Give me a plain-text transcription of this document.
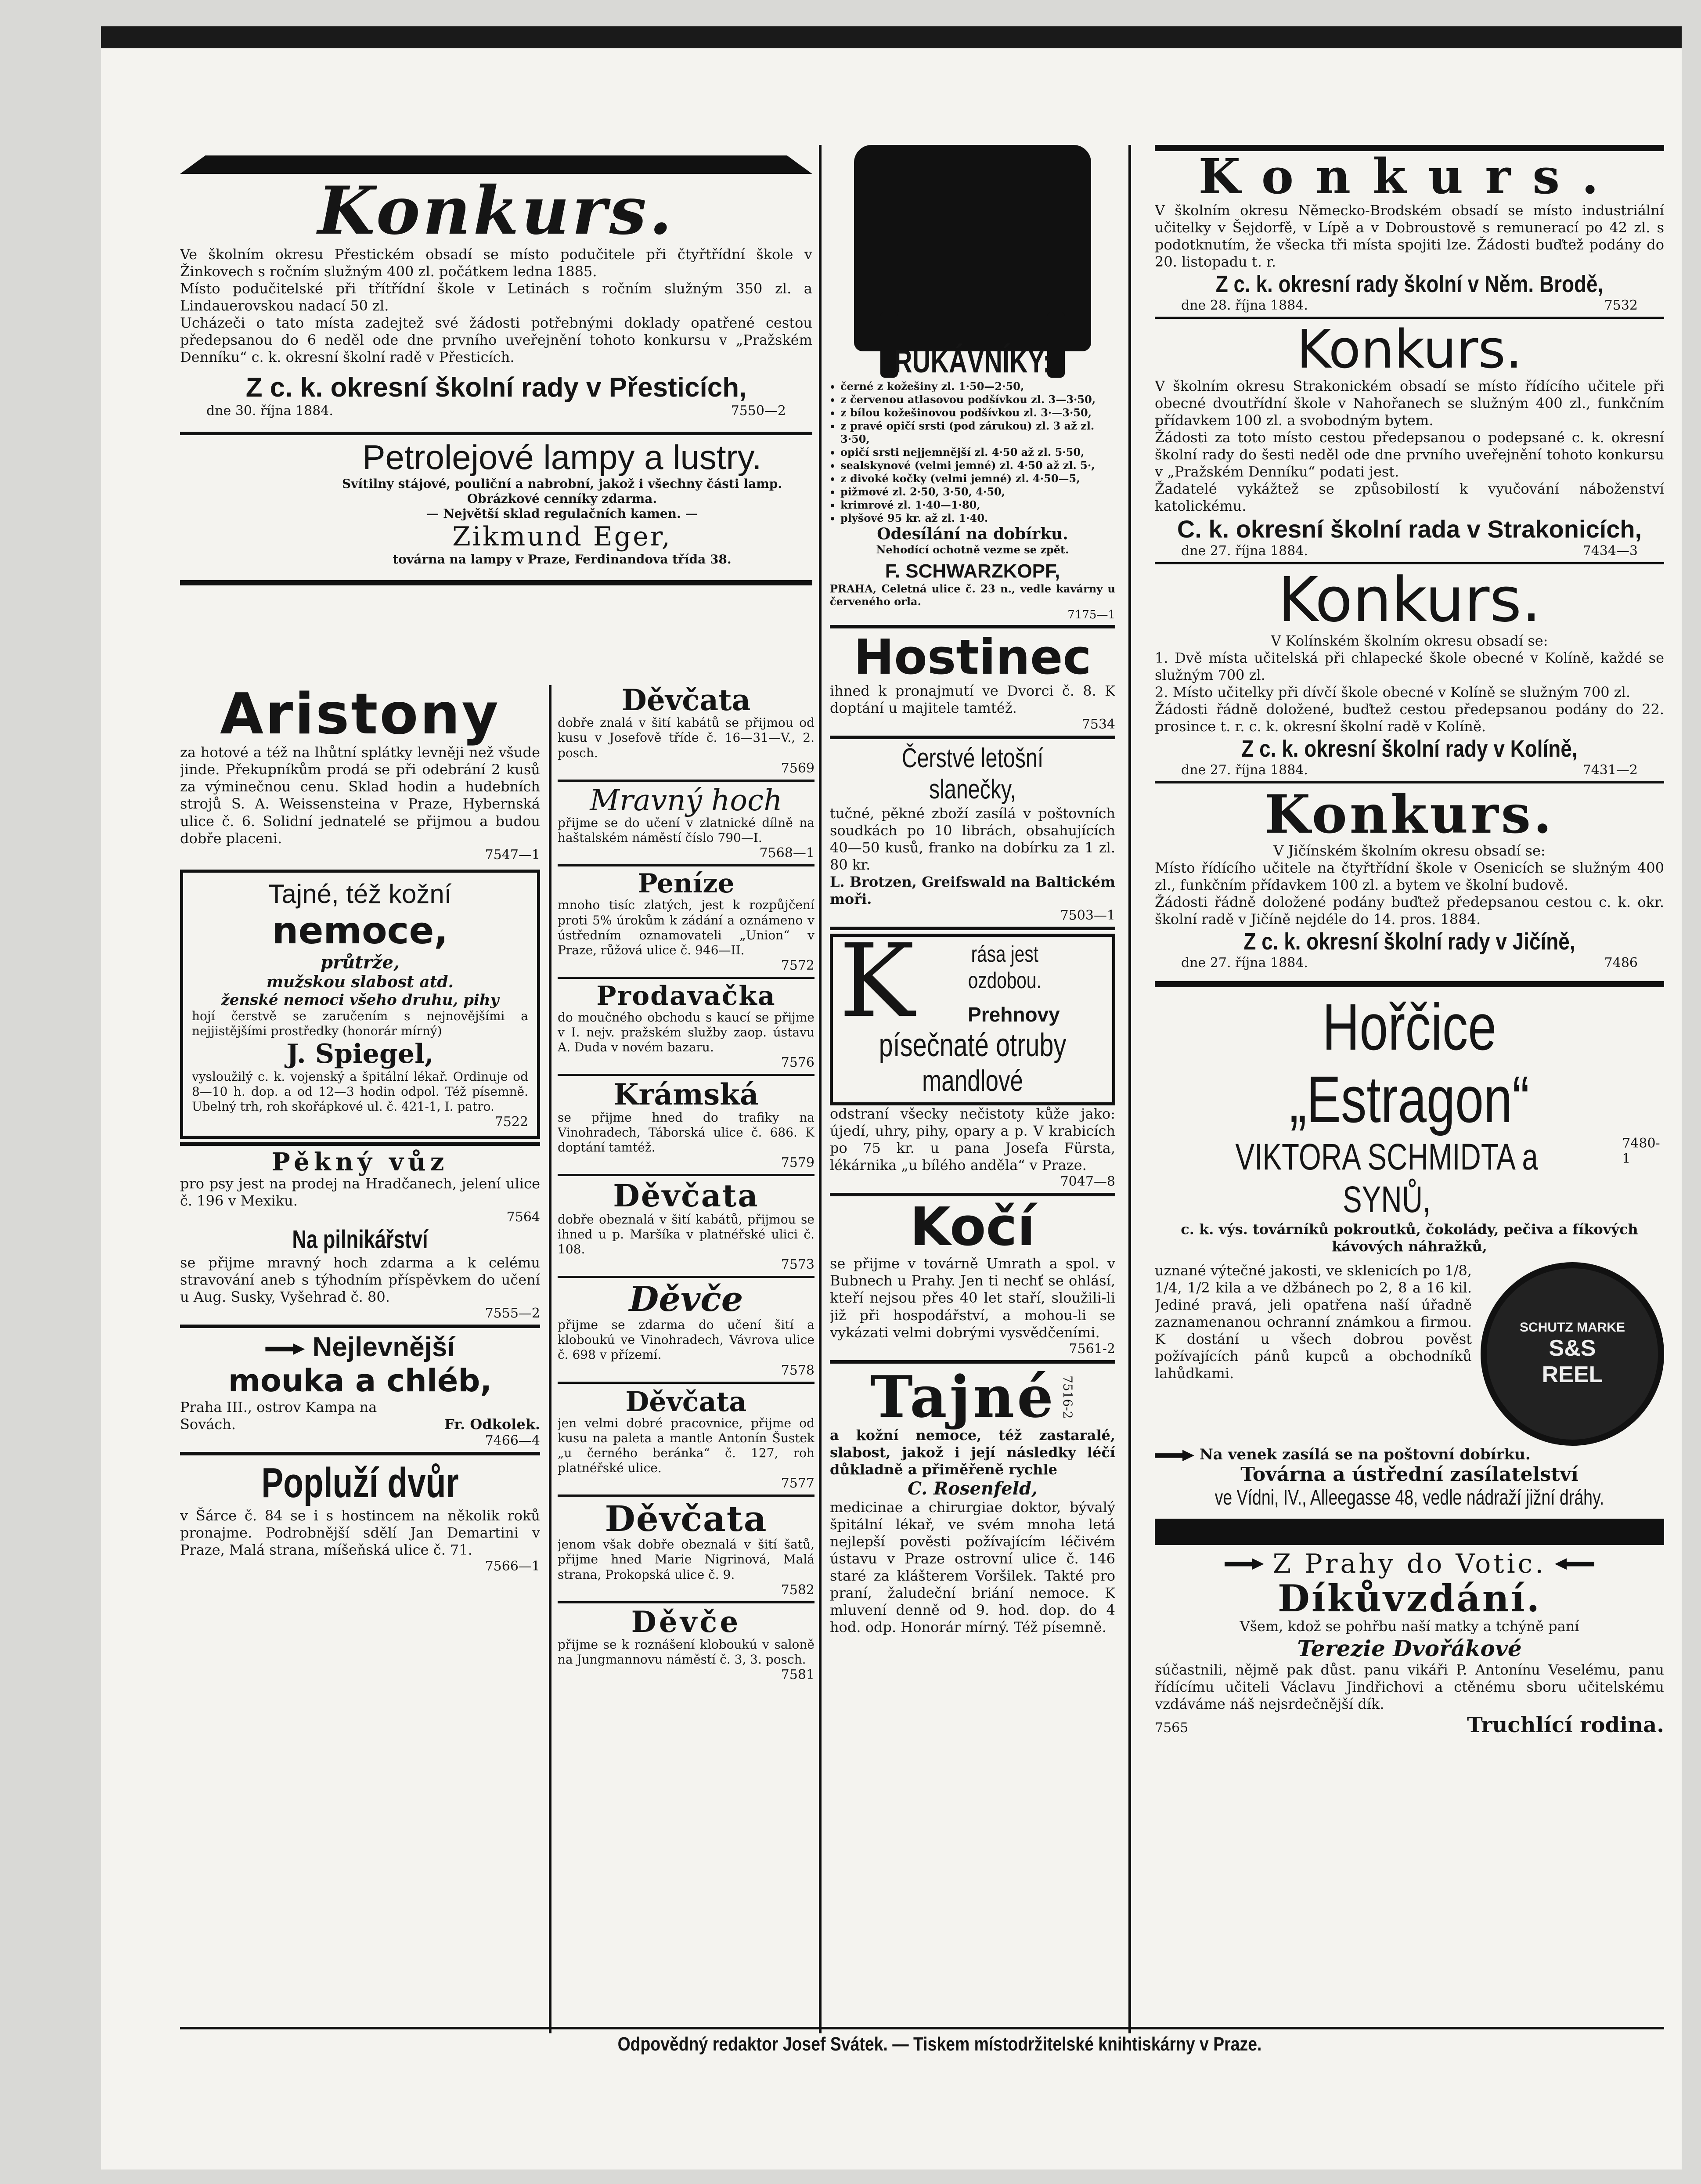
Konkurs.

Ve školním okresu Přestickém obsadí se místo podučitele při čtyřtřídní škole v Žinkovech s ročním služným 400 zl. počátkem ledna 1885.

Místo podučitelské při třítřídní škole v Letinách s ročním služným 350 zl. a Lindauerovskou nadací 50 zl.

Ucházeči o tato místa zadejtež své žádosti potřebnými doklady opatřené cestou předepsanou do 6 neděl ode dne prvního uveřejnění tohoto konkursu v „Pražském Denníku“ c. k. okresní školní radě v Přesticích.

Z c. k. okresní školní rady v Přesticích,
dne 30. října 1884.	7550—2
Petrolejové lampy a lustry.

Svítilny stájové, pouliční a nabrobní, jakož i všechny části lamp. Obrázkové cenníky zdarma.

— Největší sklad regulačních kamen. —

Zikmund Eger,

továrna na lampy v Praze, Ferdinandova třída 38.

Aristony

za hotové a též na lhůtní splátky levněji než všude jinde. Překupníkům prodá se při odebrání 2 kusů za výminečnou cenu. Sklad hodin a hudebních strojů S. A. Weissensteina v Praze, Hybernská ulice č. 6. Solidní jednatelé se přijmou a budou dobře placeni.

7547—1
Tajné, též kožní
nemoce,
průtrže,
mužskou slabost atd.
ženské nemoci všeho druhu, pihy

hojí čerstvě se zaručením s nejnovějšími a nejjistějšími prostředky (honorár mírný)

J. Spiegel,

vysloužilý c. k. vojenský a špitální lékař. Ordinuje od 8—10 h. dop. a od 12—3 hodin odpol. Též písemně. Ubelný trh, roh skořápkové ul. č. 421-1, I. patro.

7522
Pěkný vůz

pro psy jest na prodej na Hradčanech, jelení ulice č. 196 v Mexiku.

7564
Na pilnikářství

se přijme mravný hoch zdarma a k celému stravování aneb s týhodním příspěvkem do učení u Aug. Susky, Vyšehrad č. 80.

7555—2
Nejlevnější
mouka a chléb,

Praha III., ostrov Kampa na Sovách.	Fr. Odkolek.

7466—4
Popluží dvůr

v Šárce č. 84 se i s hostincem na několik roků pronajme. Podrobnější sdělí Jan Demartini v Praze, Malá strana, míšeňská ulice č. 71.

7566—1
Děvčata

dobře znalá v šití kabátů se přijmou od kusu v Josefově tříde č. 16—31—V., 2. posch.

7569
Mravný hoch

přijme se do učení v zlatnické dílně na haštalském náměstí číslo 790—I.

7568—1
Peníze

mnoho tisíc zlatých, jest k rozpůjčení proti 5% úrokům k zádání a oznámeno v ústředním oznamovateli „Union“ v Praze, růžová ulice č. 946—II.

7572
Prodavačka

do moučného obchodu s kaucí se přijme v I. nejv. pražském služby zaop. ústavu A. Duda v novém bazaru.

7576
Krámská

se přijme hned do trafiky na Vinohradech, Táborská ulice č. 686. K doptání tamtéž.

7579
Děvčata

dobře obeznalá v šití kabátů, přijmou se ihned u p. Maršíka v platnéřské ulici č. 108.

7573
Děvče

přijme se zdarma do učení šití a kloboukú ve Vinohradech, Vávrova ulice č. 698 v přízemí.

7578
Děvčata

jen velmi dobré pracovnice, přijme od kusu na paleta a mantle Antonín Šustek „u černého beránka“ č. 127, roh platnéřské ulice.

7577
Děvčata

jenom však dobře obeznalá v šití šatů, přijme hned Marie Nigrinová, Malá strana, Prokopská ulice č. 9.

7582
Děvče

přijme se k roznášení kloboukú v saloně na Jungmannovu náměstí č. 3, 3. posch.

7581
RUKÁVNÍKY:
• černé z kožešiny zl. 1·50—2·50,
• z červenou atlasovou podšívkou zl. 3—3·50,
• z bílou kožešinovou podšívkou zl. 3·—3·50,
• z pravé opičí srsti (pod zárukou) zl. 3 až zl. 3·50,
• opičí srsti nejjemnější zl. 4·50 až zl. 5·50,
• sealskynové (velmi jemné) zl. 4·50 až zl. 5·,
• z divoké kočky (velmi jemné) zl. 4·50—5,
• pižmové zl. 2·50, 3·50, 4·50,
• krimrové zl. 1·40—1·80,
• plyšové 95 kr. až zl. 1·40.
Odesílání na dobírku.
Nehodící ochotně vezme se zpět.
F. SCHWARZKOPF,

PRAHA, Celetná ulice č. 23 n., vedle kavárny u červeného orla.

7175—1
Hostinec

ihned k pronajmutí ve Dvorci č. 8. K doptání u majitele tamtéž.

7534
Čerstvé letošní slanečky,

tučné, pěkné zboží zasílá v poštovních soudkách po 10 librách, obsahujících 40—50 kusů, franko na dobírku za 1 zl. 80 kr.

L. Brotzen, Greifswald na Baltickém moři.

7503—1
K	rása jest ozdobou.
Prehnovy
písečnaté otruby
mandlové

odstraní všecky nečistoty kůže jako: újedí, uhry, pihy, opary a p. V krabicích po 75 kr. u pana Josefa Fürsta, lékárnika „u bílého anděla“ v Praze.

7047—8
Kočí

se přijme v továrně Umrath a spol. v Bubnech u Prahy. Jen ti nechť se ohlásí, kteří nejsou přes 40 let staří, sloužili-li již při hospodářství, a mohou-li se vykázati velmi dobrými vysvědčeními.

7561-2
Tajné 7516-2

a kožní nemoce, též zastaralé, slabost, jakož i její následky léčí důkladně a přiměřeně rychle

C. Rosenfeld,

medicinae a chirurgiae doktor, bývalý špitální lékař, ve svém mnoha letá nejlepší pověsti požívajícím léčivém ústavu v Praze ostrovní ulice č. 146 staré za klášterem Voršilek. Takté pro praní, žaludeční briání nemoce. K mluvení denně od 9. hod. dop. do 4 hod. odp. Honorár mírný. Též písemně.

Konkurs.

V školním okresu Německo-Brodském obsadí se místo industriální učitelky v Šejdorfě, v Lípě a v Dobroustově s remunerací po 42 zl. s podotknutím, že všecka tři místa spojiti lze. Žádosti buďtež podány do 20. listopadu t. r.

Z c. k. okresní rady školní v Něm. Brodě,
dne 28. října 1884.	7532
Konkurs.

V školním okresu Strakonickém obsadí se místo řídícího učitele při obecné dvoutřídní škole v Nahořanech se služným 400 zl., funkčním přídavkem 100 zl. a svobodným bytem.

Žádosti za toto místo cestou předepsanou o podepsané c. k. okresní školní rady do šesti neděl ode dne prvního uveřejnění tohoto konkursu v „Pražském Denníku“ podati jest.

Žadatelé vykážtež se způsobilostí k vyučování náboženství katolickému.

C. k. okresní školní rada v Strakonicích,
dne 27. října 1884.	7434—3
Konkurs.

V Kolínském školním okresu obsadí se:

1. Dvě místa učitelská při chlapecké škole obecné v Kolíně, každé se služným 700 zl.

2. Místo učitelky při dívčí škole obecné v Kolíně se služným 700 zl.

Žádosti řádně doložené, buďtež cestou předepsanou podány do 22. prosince t. r. c. k. okresní školní radě v Kolíně.

Z c. k. okresní školní rady v Kolíně,
dne 27. října 1884.	7431—2
Konkurs.

V Jičínském školním okresu obsadí se:

Místo řídícího učitele na čtyřtřídní škole v Osenicích se služným 400 zl., funkčním přídavkem 100 zl. a bytem ve školní budově.

Žádosti řádně doložené podány buďtež předepsanou cestou c. k. okr. školní radě v Jičíně nejdéle do 14. pros. 1884.

Z c. k. okresní školní rady v Jičíně,
dne 27. října 1884.	7486
Hořčice „Estragon“
VIKTORA SCHMIDTA a SYNŮ,
7480-1

c. k. výs. továrníků pokroutků, čokolády, pečiva a fíkových kávových náhražků,

uznané výtečné jakosti, ve sklenicích po 1/8, 1/4, 1/2 kila a ve džbánech po 2, 8 a 16 kil. Jediné pravá, jeli opatřena naší úřadně zaznamenanou ochranní známkou a firmou. K dostání u všech dobrou pověst požívajících pánů kupců a obchodníků lahůdkami.

SCHUTZ MARKE
S&S
REEL
Na venek zasílá se na poštovní dobírku.
Továrna a ústřední zasílatelství
ve Vídni, IV., Alleegasse 48, vedle nádraží jižní dráhy.
Z Prahy do Votic.
Díkůvzdání.

Všem, kdož se pohřbu naší matky a tchýně paní

Terezie Dvořákové

súčastnili, nějmě pak důst. panu vikáři P. Antonínu Veselému, panu řídícímu učiteli Václavu Jindřichovi a ctěnému sboru učitelskému vzdáváme náš nejsrdečnější dík.

7565	Truchlící rodina.
Odpovědný redaktor Josef Svátek. — Tiskem místodržitelské knihtiskárny v Praze.
